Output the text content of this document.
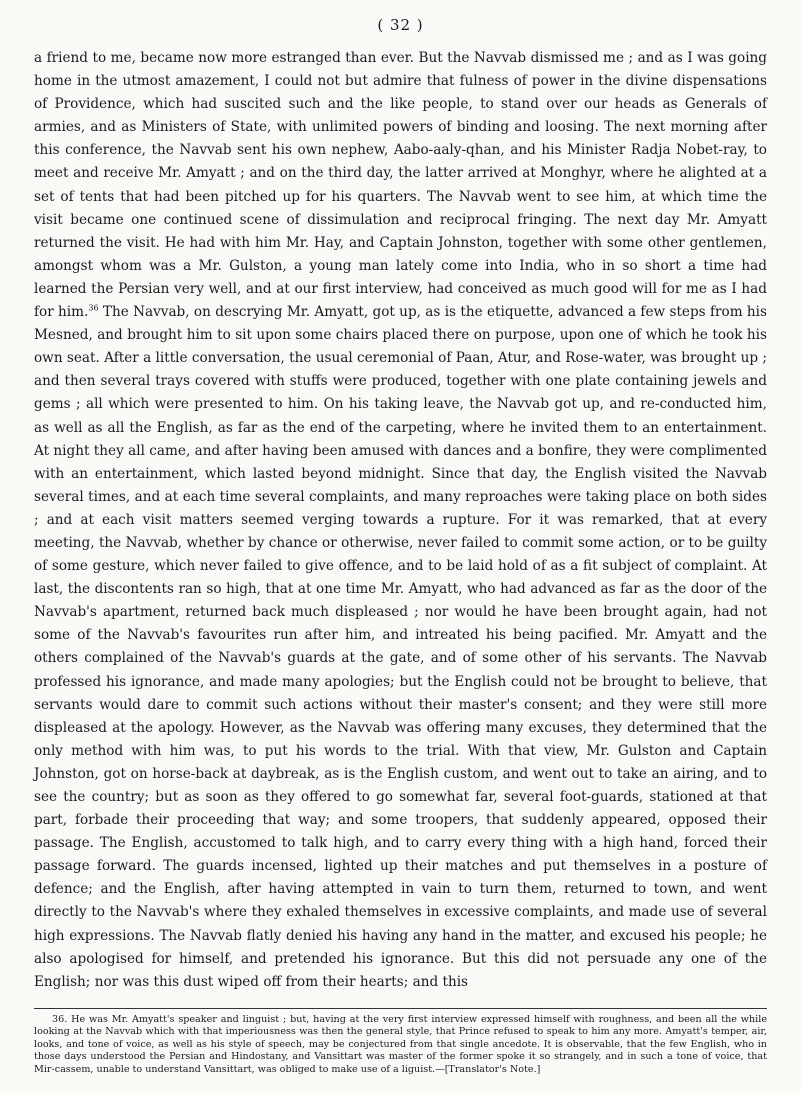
( 32 )

a friend to me, became now more estranged than ever. But the Navvab dismissed me ; and as I was going home in the utmost amazement, I could not but admire that fulness of power in the divine dispensations of Providence, which had suscited such and the like people, to stand over our heads as Generals of armies, and as Ministers of State, with unlimited powers of binding and loosing. The next morning after this conference, the Navvab sent his own nephew, Aabo-aaly-qhan, and his Minister Radja Nobet-ray, to meet and receive Mr. Amyatt ; and on the third day, the latter arrived at Monghyr, where he alighted at a set of tents that had been pitched up for his quarters. The Navvab went to see him, at which time the visit became one continued scene of dissimulation and reciprocal fringing. The next day Mr. Amyatt returned the visit. He had with him Mr. Hay, and Captain Johnston, together with some other gentlemen, amongst whom was a Mr. Gulston, a young man lately come into India, who in so short a time had learned the Persian very well, and at our first interview, had conceived as much good will for me as I had for him.$^{36}$ The Navvab, on descrying Mr. Amyatt, got up, as is the etiquette, advanced a few steps from his Mesned, and brought him to sit upon some chairs placed there on purpose, upon one of which he took his own seat. After a little conversation, the usual ceremonial of Paan, Atur, and Rose-water, was brought up ; and then several trays covered with stuffs were produced, together with one plate containing jewels and gems ; all which were presented to him. On his taking leave, the Navvab got up, and re-conducted him, as well as all the English, as far as the end of the carpeting, where he invited them to an entertainment. At night they all came, and after having been amused with dances and a bonfire, they were complimented with an entertainment, which lasted beyond midnight. Since that day, the English visited the Navvab several times, and at each time several complaints, and many reproaches were taking place on both sides ; and at each visit matters seemed verging towards a rupture. For it was remarked, that at every meeting, the Navvab, whether by chance or otherwise, never failed to commit some action, or to be guilty of some gesture, which never failed to give offence, and to be laid hold of as a fit subject of complaint. At last, the discontents ran so high, that at one time Mr. Amyatt, who had advanced as far as the door of the Navvab's apartment, returned back much displeased ; nor would he have been brought again, had not some of the Navvab's favourites run after him, and intreated his being pacified. Mr. Amyatt and the others complained of the Navvab's guards at the gate, and of some other of his servants. The Navvab professed his ignorance, and made many apologies; but the English could not be brought to believe, that servants would dare to commit such actions without their master's consent; and they were still more displeased at the apology. However, as the Navvab was offering many excuses, they determined that the only method with him was, to put his words to the trial. With that view, Mr. Gulston and Captain Johnston, got on horse-back at daybreak, as is the English custom, and went out to take an airing, and to see the country; but as soon as they offered to go somewhat far, several foot-guards, stationed at that part, forbade their proceeding that way; and some troopers, that suddenly appeared, opposed their passage. The English, accustomed to talk high, and to carry every thing with a high hand, forced their passage forward. The guards incensed, lighted up their matches and put themselves in a posture of defence; and the English, after having attempted in vain to turn them, returned to town, and went directly to the Navvab's where they exhaled themselves in excessive complaints, and made use of several high expressions. The Navvab flatly denied his having any hand in the matter, and excused his people; he also apologised for himself, and pretended his ignorance. But this did not persuade any one of the English; nor was this dust wiped off from their hearts; and this

36. He was Mr. Amyatt's speaker and linguist ; but, having at the very first interview expressed himself with roughness, and been all the while looking at the Navvab which with that imperiousness was then the general style, that Prince refused to speak to him any more. Amyatt's temper, air, looks, and tone of voice, as well as his style of speech, may be conjectured from that single ancedote. It is observable, that the few English, who in those days understood the Persian and Hindostany, and Vansittart was master of the former spoke it so strangely, and in such a tone of voice, that Mir-cassem, unable to understand Vansittart, was obliged to make use of a liguist.—[Translator's Note.]
